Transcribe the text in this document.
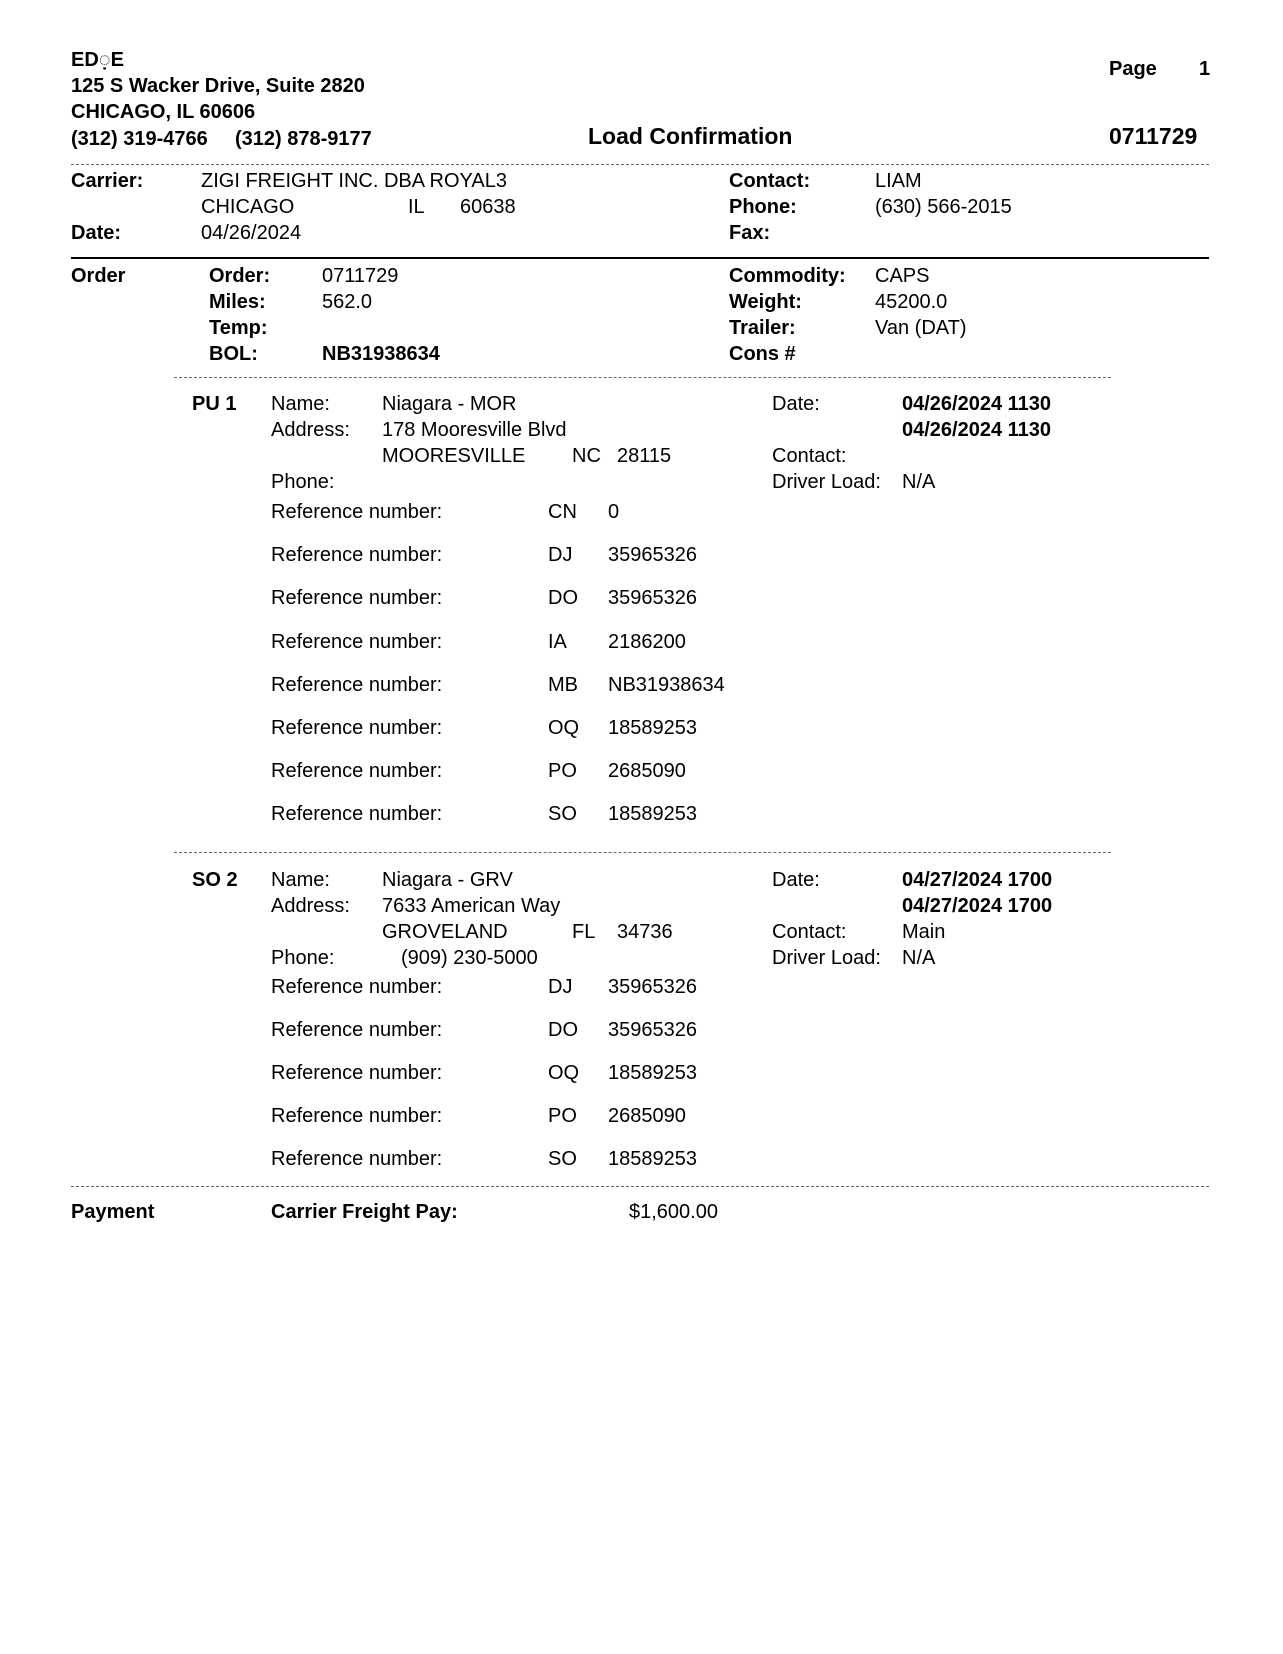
ED◌̣E
125 S Wacker Drive, Suite 2820
CHICAGO, IL 60606
(312) 319-4766 (312) 878-9177
Page 1
Load Confirmation	0711729
Carrier:	ZIGI FREIGHT INC. DBA ROYAL3
CHICAGO	IL 60638
Date:	04/26/2024
Contact:	LIAM
Phone:	(630) 566-2015
Fax:
Order	Order:	0711729
Miles:	562.0
Temp:
BOL:	NB31938634
Commodity: CAPS
Weight:	45200.0
Trailer:	Van (DAT)
Cons #
PU 1 Name:	Niagara - MOR
Address: 178 Mooresville Blvd
MOORESVILLE NC 28115
Phone:
Date:	04/26/2024 1130
04/26/2024 1130
Contact:
Driver Load: N/A
Reference number:	CN 0
Reference number:	DJ 35965326
Reference number:	DO 35965326
Reference number:	IA 2186200
Reference number:	MB NB31938634
Reference number:	OQ 18589253
Reference number:	PO 2685090
Reference number:	SO 18589253
SO 2 Name:	Niagara - GRV
Address: 7633 American Way
GROVELAND	FL 34736
Phone:	(909) 230-5000
Date:	04/27/2024 1700
04/27/2024 1700
Contact:	Main
Driver Load: N/A
Reference number:	DJ 35965326
Reference number:	DO 35965326
Reference number:	OQ 18589253
Reference number:	PO 2685090
Reference number:	SO 18589253
Payment	Carrier Freight Pay:	$1,600.00
